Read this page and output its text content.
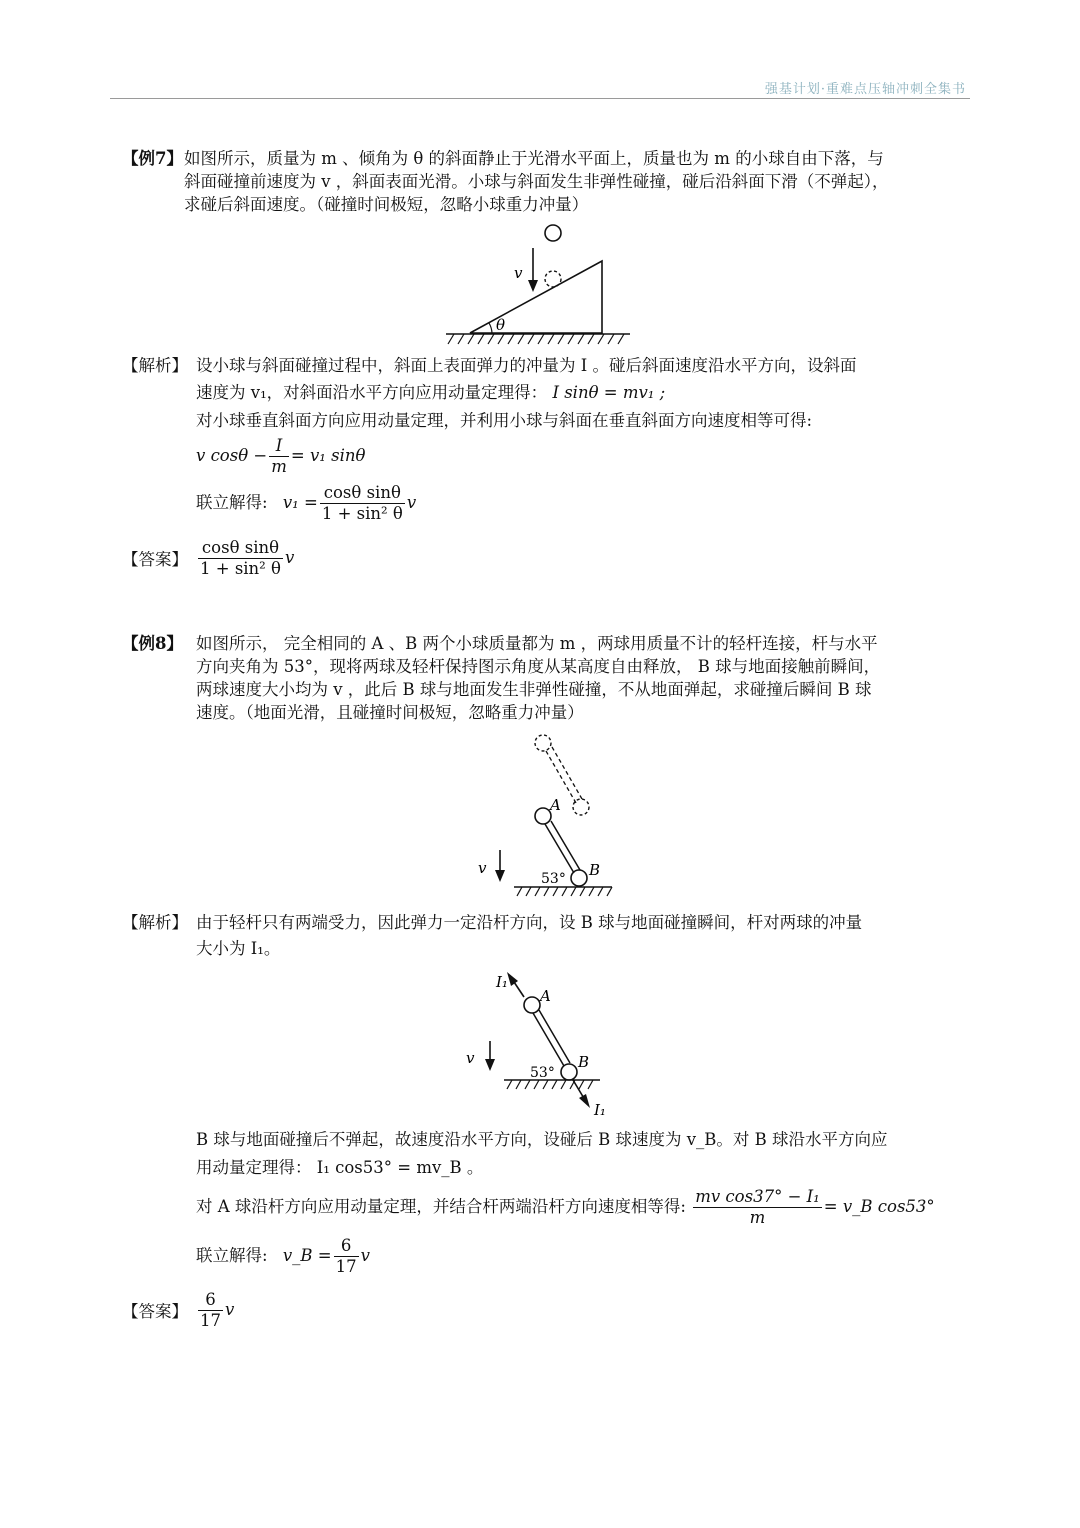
强基计划·重难点压轴冲刺全集书
【例7】 如图所示，质量为 m 、倾角为 θ 的斜面静止于光滑水平面上，质量也为 m 的小球自由下落，与
斜面碰撞前速度为 v ，斜面表面光滑。小球与斜面发生非弹性碰撞，碰后沿斜面下滑（不弹起），
求碰后斜面速度。（碰撞时间极短，忽略小球重力冲量）
v
θ
【解析】 设小球与斜面碰撞过程中，斜面上表面弹力的冲量为 I 。碰后斜面速度沿水平方向，设斜面
速度为 v₁，对斜面沿水平方向应用动量定理得： I sinθ = mv₁ ;
对小球垂直斜面方向应用动量定理，并利用小球与斜面在垂直斜面方向速度相等可得:
v $\cos\theta - \frac{I}{m} = v_1$ sinθ
联立解得: $v_1 = \frac{\text{cosθ sinθ}}{\text{1 + sin² θ}}$ v
【答案】 $\frac{\text{cosθ sinθ}}{\text{1 + sin² θ}}$ v
【例8】 如图所示， 完全相同的 A 、B 两个小球质量都为 m ，两球用质量不计的轻杆连接，杆与水平
方向夹角为 53°，现将两球及轻杆保持图示角度从某高度自由释放， B 球与地面接触前瞬间，
两球速度大小均为 v ，此后 B 球与地面发生非弹性碰撞，不从地面弹起，求碰撞后瞬间 B 球
速度。（地面光滑，且碰撞时间极短，忽略重力冲量）
A
B
53°
v
【解析】 由于轻杆只有两端受力，因此弹力一定沿杆方向，设 B 球与地面碰撞瞬间，杆对两球的冲量
大小为 I₁。
I₁
A
B
53°
v
I₁
B 球与地面碰撞后不弹起，故速度沿水平方向，设碰后 B 球速度为 v_B。对 B 球沿水平方向应
用动量定理得： I₁ cos53° = mv_B 。
对 A 球沿杆方向应用动量定理，并结合杆两端沿杆方向速度相等得: $\frac{\text{mv cos37° − I₁}}{m}$ = v_B cos53°
联立解得: v_B = $\frac{6}{17}$ v
【答案】 $\frac{6}{17}$ v
